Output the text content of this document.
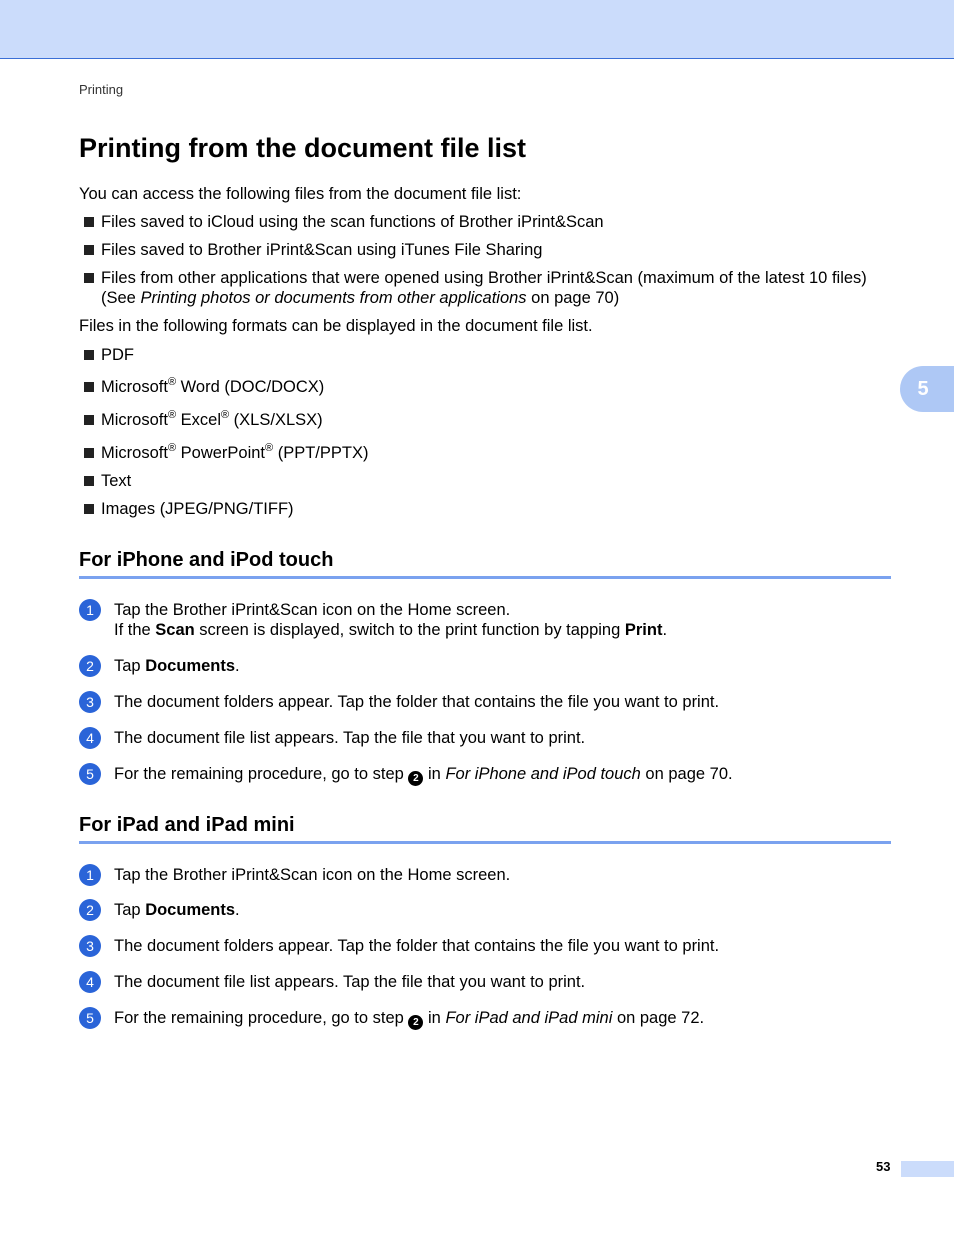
Printing
Printing from the document file list
5

You can access the following files from the document file list:

Files saved to iCloud using the scan functions of Brother iPrint&Scan
Files saved to Brother iPrint&Scan using iTunes File Sharing
Files from other applications that were opened using Brother iPrint&Scan (maximum of the latest 10 files)
(See Printing photos or documents from other applications on page 70)

Files in the following formats can be displayed in the document file list.

PDF
Microsoft® Word (DOC/DOCX)
Microsoft® Excel® (XLS/XLSX)
Microsoft® PowerPoint® (PPT/PPTX)
Text
Images (JPEG/PNG/TIFF)
For iPhone and iPod touch
1	Tap the Brother iPrint&Scan icon on the Home screen.
If the Scan screen is displayed, switch to the print function by tapping Print.
2	Tap Documents.
3	The document folders appear. Tap the folder that contains the file you want to print.
4	The document file list appears. Tap the file that you want to print.
5	For the remaining procedure, go to step 2 in For iPhone and iPod touch on page 70.
For iPad and iPad mini
1	Tap the Brother iPrint&Scan icon on the Home screen.
2	Tap Documents.
3	The document folders appear. Tap the folder that contains the file you want to print.
4	The document file list appears. Tap the file that you want to print.
5	For the remaining procedure, go to step 2 in For iPad and iPad mini on page 72.
53
